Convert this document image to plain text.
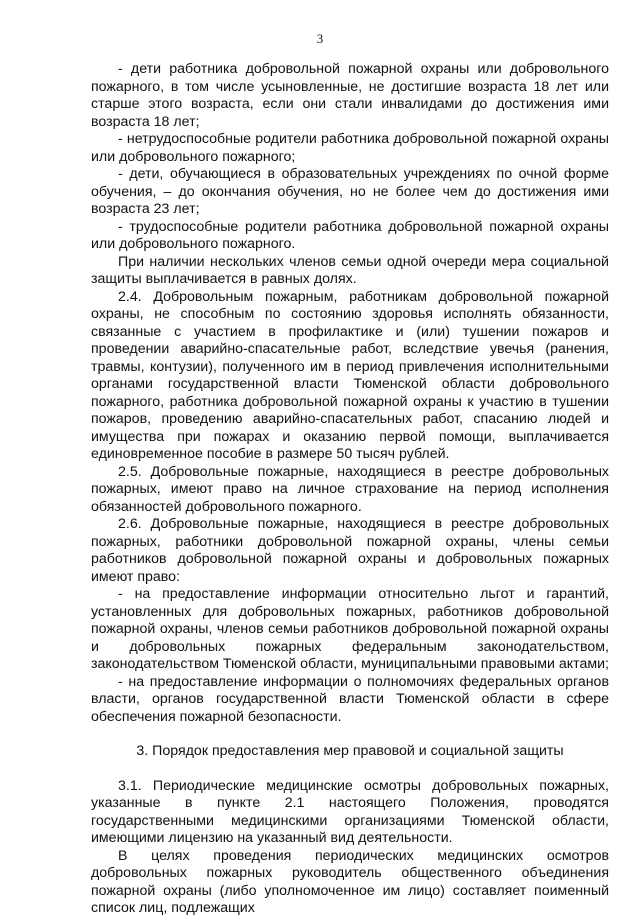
3

- дети работника добровольной пожарной охраны или добровольного пожарного, в том числе усыновленные, не достигшие возраста 18 лет или старше этого возраста, если они стали инвалидами до достижения ими возраста 18 лет;

- нетрудоспособные родители работника добровольной пожарной охраны или добровольного пожарного;

- дети, обучающиеся в образовательных учреждениях по очной форме обучения, – до окончания обучения, но не более чем до достижения ими возраста 23 лет;

- трудоспособные родители работника добровольной пожарной охраны или добровольного пожарного.

При наличии нескольких членов семьи одной очереди мера социальной защиты выплачивается в равных долях.

2.4. Добровольным пожарным, работникам добровольной пожарной охраны, не способным по состоянию здоровья исполнять обязанности, связанные с участием в профилактике и (или) тушении пожаров и проведении аварийно-спасательные работ, вследствие увечья (ранения, травмы, контузии), полученного им в период привлечения исполнительными органами государственной власти Тюменской области добровольного пожарного, работника добровольной пожарной охраны к участию в тушении пожаров, проведению аварийно-спасательных работ, спасанию людей и имущества при пожарах и оказанию первой помощи, выплачивается единовременное пособие в размере 50 тысяч рублей.

2.5. Добровольные пожарные, находящиеся в реестре добровольных пожарных, имеют право на личное страхование на период исполнения обязанностей добровольного пожарного.

2.6. Добровольные пожарные, находящиеся в реестре добровольных пожарных, работники добровольной пожарной охраны, члены семьи работников добровольной пожарной охраны и добровольных пожарных имеют право:

- на предоставление информации относительно льгот и гарантий, установленных для добровольных пожарных, работников добровольной пожарной охраны, членов семьи работников добровольной пожарной охраны и добровольных пожарных федеральным законодательством, законодательством Тюменской области, муниципальными правовыми актами;

- на предоставление информации о полномочиях федеральных органов власти, органов государственной власти Тюменской области в сфере обеспечения пожарной безопасности.

3. Порядок предоставления мер правовой и социальной защиты

3.1. Периодические медицинские осмотры добровольных пожарных, указанные в пункте 2.1 настоящего Положения, проводятся государственными медицинскими организациями Тюменской области, имеющими лицензию на указанный вид деятельности.

В целях проведения периодических медицинских осмотров добровольных пожарных руководитель общественного объединения пожарной охраны (либо уполномоченное им лицо) составляет поименный список лиц, подлежащих
